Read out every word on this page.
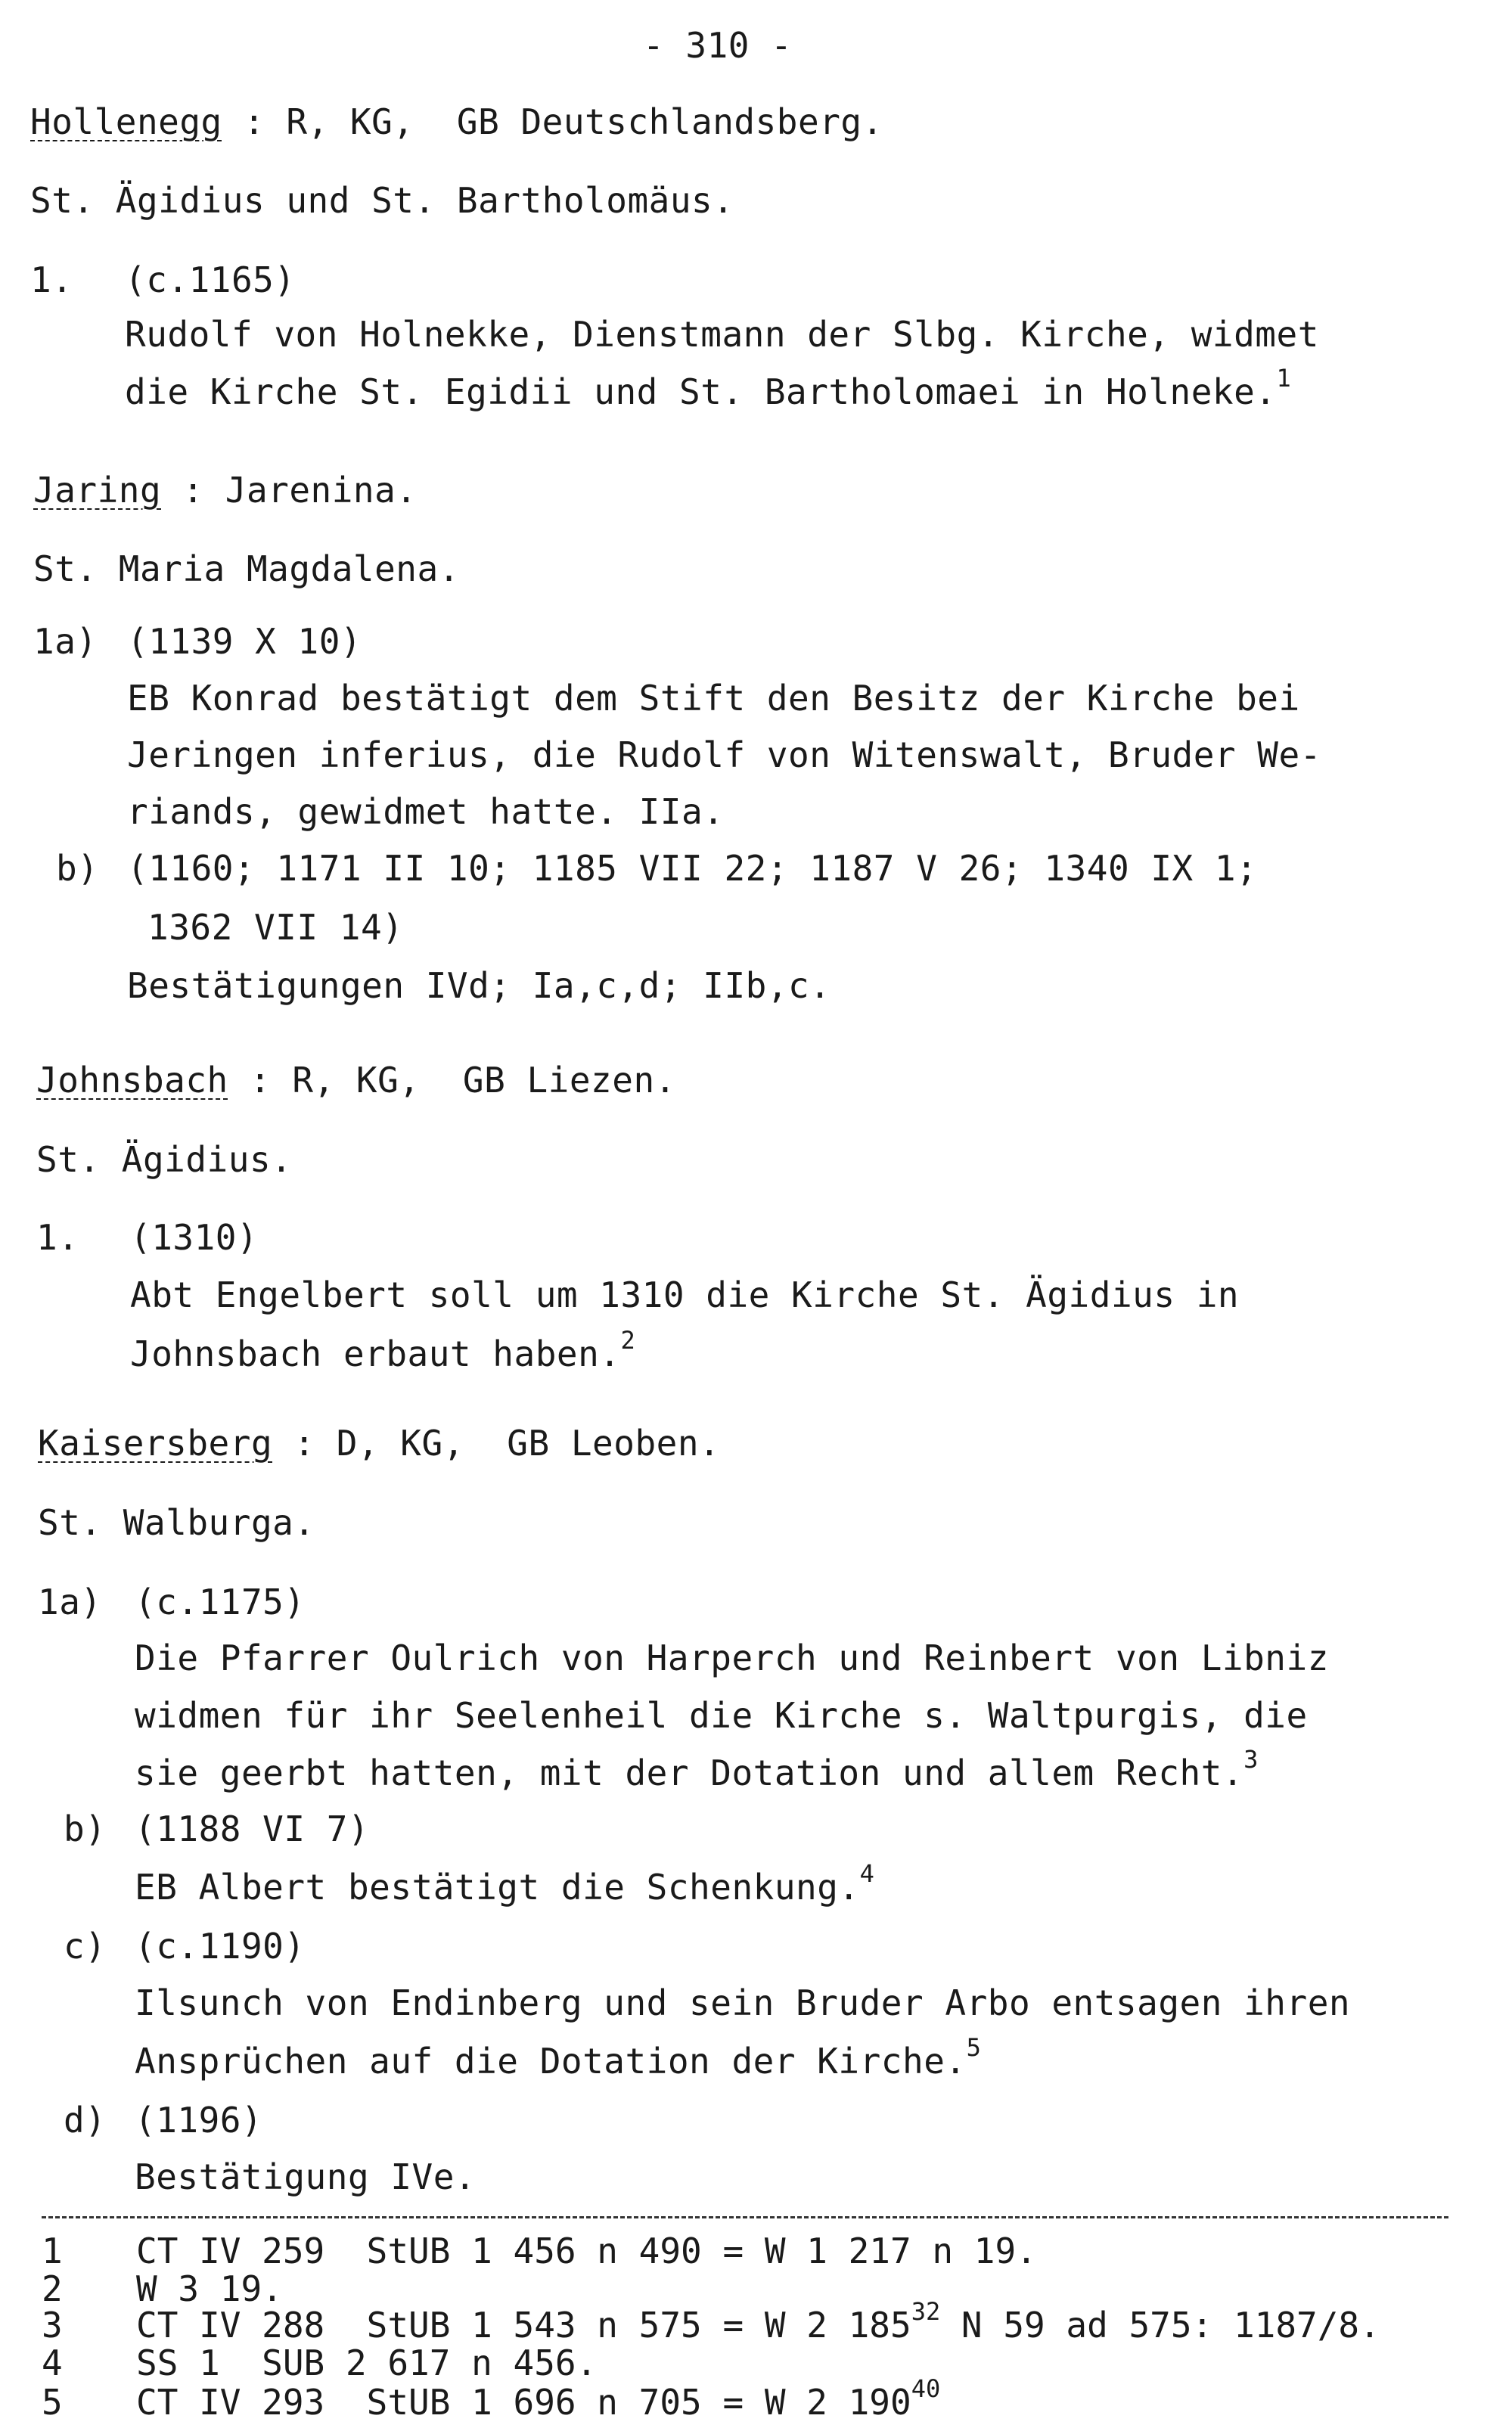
- 310 -
Hollenegg : R, KG,  GB Deutschlandsberg.
St. Ägidius und St. Bartholomäus.
1. (c.1165)
Rudolf von Holnekke, Dienstmann der Slbg. Kirche, widmet
die Kirche St. Egidii und St. Bartholomaei in Holneke.$^1$
Jaring : Jarenina.
St. Maria Magdalena.
1a) (1139 X 10)
EB Konrad bestätigt dem Stift den Besitz der Kirche bei
Jeringen inferius, die Rudolf von Witenswalt, Bruder We-
riands, gewidmet hatte. IIa.
b) (1160; 1171 II 10; 1185 VII 22; 1187 V 26; 1340 IX 1;
1362 VII 14)
Bestätigungen IVd; Ia,c,d; IIb,c.
Johnsbach : R, KG,  GB Liezen.
St. Ägidius.
1. (1310)
Abt Engelbert soll um 1310 die Kirche St. Ägidius in
Johnsbach erbaut haben.$^2$
Kaisersberg : D, KG,  GB Leoben.
St. Walburga.
1a) (c.1175)
Die Pfarrer Oulrich von Harperch und Reinbert von Libniz
widmen für ihr Seelenheil die Kirche s. Waltpurgis, die
sie geerbt hatten, mit der Dotation und allem Recht.$^3$
b) (1188 VI 7)
EB Albert bestätigt die Schenkung.$^4$
c) (c.1190)
Ilsunch von Endinberg und sein Bruder Arbo entsagen ihren
Ansprüchen auf die Dotation der Kirche.$^5$
d) (1196)
Bestätigung IVe.
1 CT IV 259  StUB 1 456 n 490 = W 1 217 n 19.
2 W 3 19.
3 CT IV 288  StUB 1 543 n 575 = W 2 $185^{32}$ N 59 ad 575: 1187/8.
4 SS 1  SUB 2 617 n 456.
5 CT IV 293  StUB 1 696 n 705 = W 2 $190^{40}$
